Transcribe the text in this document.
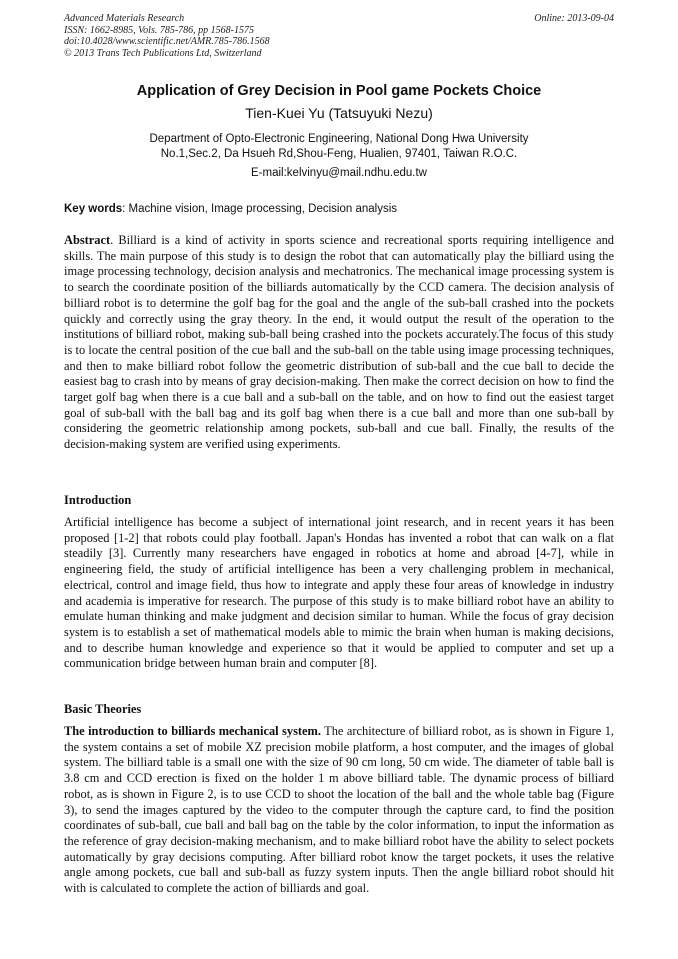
Advanced Materials Research
ISSN: 1662-8985, Vols. 785-786, pp 1568-1575
doi:10.4028/www.scientific.net/AMR.785-786.1568
© 2013 Trans Tech Publications Ltd, Switzerland
Online: 2013-09-04
Application of Grey Decision in Pool game Pockets Choice
Tien-Kuei Yu (Tatsuyuki Nezu)
Department of Opto-Electronic Engineering, National Dong Hwa University
No.1,Sec.2, Da Hsueh Rd,Shou-Feng, Hualien, 97401, Taiwan R.O.C.
E-mail:kelvinyu@mail.ndhu.edu.tw
Key words: Machine vision, Image processing, Decision analysis
Abstract. Billiard is a kind of activity in sports science and recreational sports requiring intelligence and skills. The main purpose of this study is to design the robot that can automatically play the billiard using the image processing technology, decision analysis and mechatronics. The mechanical image processing system is to search the coordinate position of the billiards automatically by the CCD camera. The decision analysis of billiard robot is to determine the golf bag for the goal and the angle of the sub-ball crashed into the pockets quickly and correctly using the gray theory. In the end, it would output the result of the operation to the institutions of billiard robot, making sub-ball being crashed into the pockets accurately.The focus of this study is to locate the central position of the cue ball and the sub-ball on the table using image processing techniques, and then to make billiard robot follow the geometric distribution of sub-ball and the cue ball to decide the easiest bag to crash into by means of gray decision-making. Then make the correct decision on how to find the target golf bag when there is a cue ball and a sub-ball on the table, and on how to find out the easiest target goal of sub-ball with the ball bag and its golf bag when there is a cue ball and more than one sub-ball by considering the geometric relationship among pockets, sub-ball and cue ball. Finally, the results of the decision-making system are verified using experiments.
Introduction
Artificial intelligence has become a subject of international joint research, and in recent years it has been proposed [1-2] that robots could play football. Japan's Hondas has invented a robot that can walk on a flat steadily [3]. Currently many researchers have engaged in robotics at home and abroad [4-7], while in engineering field, the study of artificial intelligence has been a very challenging problem in mechanical, electrical, control and image field, thus how to integrate and apply these four areas of knowledge in industry and academia is imperative for research. The purpose of this study is to make billiard robot have an ability to emulate human thinking and make judgment and decision similar to human. While the focus of gray decision system is to establish a set of mathematical models able to mimic the brain when human is making decisions, and to describe human knowledge and experience so that it would be applied to computer and set up a communication bridge between human brain and computer [8].
Basic Theories
The introduction to billiards mechanical system. The architecture of billiard robot, as is shown in Figure 1, the system contains a set of mobile XZ precision mobile platform, a host computer, and the images of global system. The billiard table is a small one with the size of 90 cm long, 50 cm wide. The diameter of table ball is 3.8 cm and CCD erection is fixed on the holder 1 m above billiard table. The dynamic process of billiard robot, as is shown in Figure 2, is to use CCD to shoot the location of the ball and the whole table bag (Figure 3), to send the images captured by the video to the computer through the capture card, to find the position coordinates of sub-ball, cue ball and ball bag on the table by the color information, to input the information as the reference of gray decision-making mechanism, and to make billiard robot have the ability to select pockets automatically by gray decisions computing. After billiard robot know the target pockets, it uses the relative angle among pockets, cue ball and sub-ball as fuzzy system inputs. Then the angle billiard robot should hit with is calculated to complete the action of billiards and goal.
